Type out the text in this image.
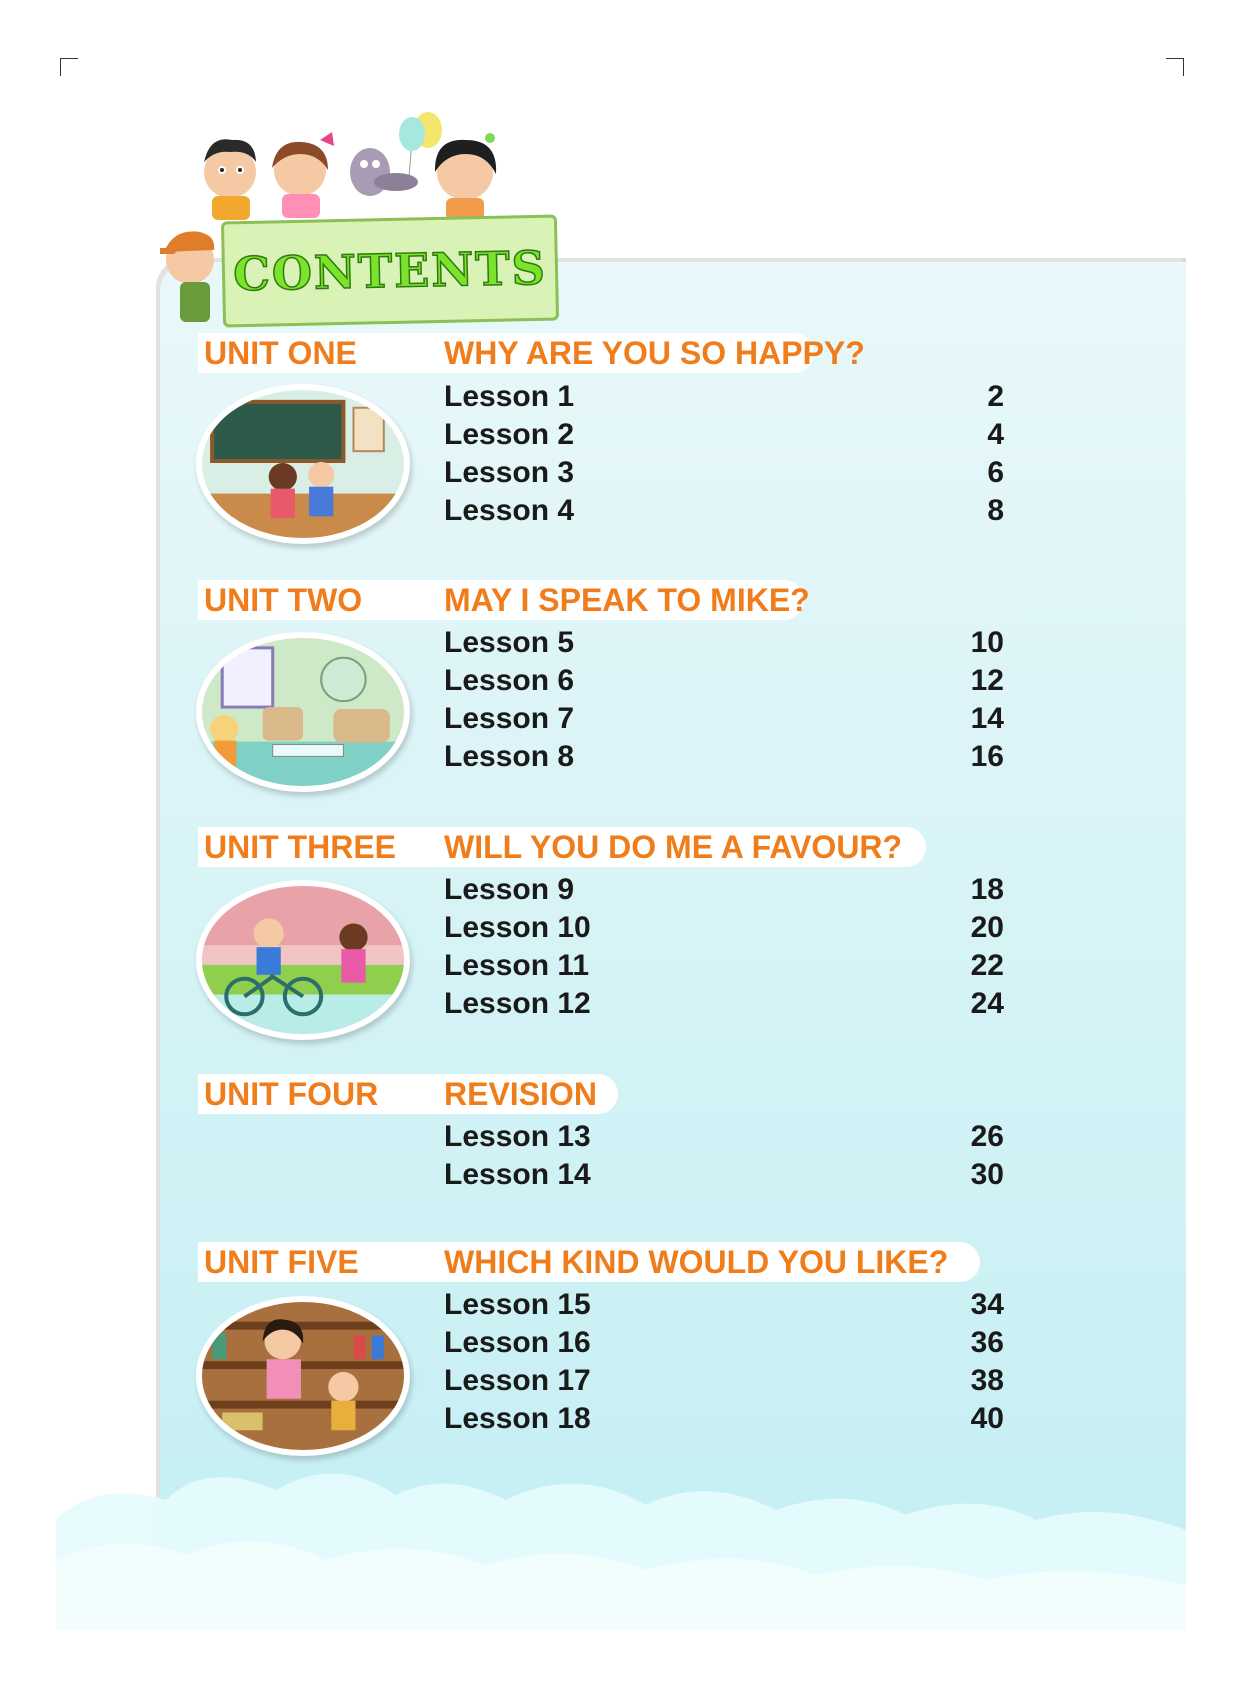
CONTENTS
UNIT ONE	WHY ARE YOU SO HAPPY?
Lesson 1	2
Lesson 2	4
Lesson 3	6
Lesson 4	8
UNIT TWO	MAY I SPEAK TO MIKE?
Lesson 5	10
Lesson 6	12
Lesson 7	14
Lesson 8	16
UNIT THREE WILL YOU DO ME A FAVOUR?
Lesson 9	18
Lesson 10	20
Lesson 11	22
Lesson 12	24
UNIT FOUR REVISION
Lesson 13	26
Lesson 14	30
UNIT FIVE	WHICH KIND WOULD YOU LIKE?
Lesson 15	34
Lesson 16	36
Lesson 17	38
Lesson 18	40
